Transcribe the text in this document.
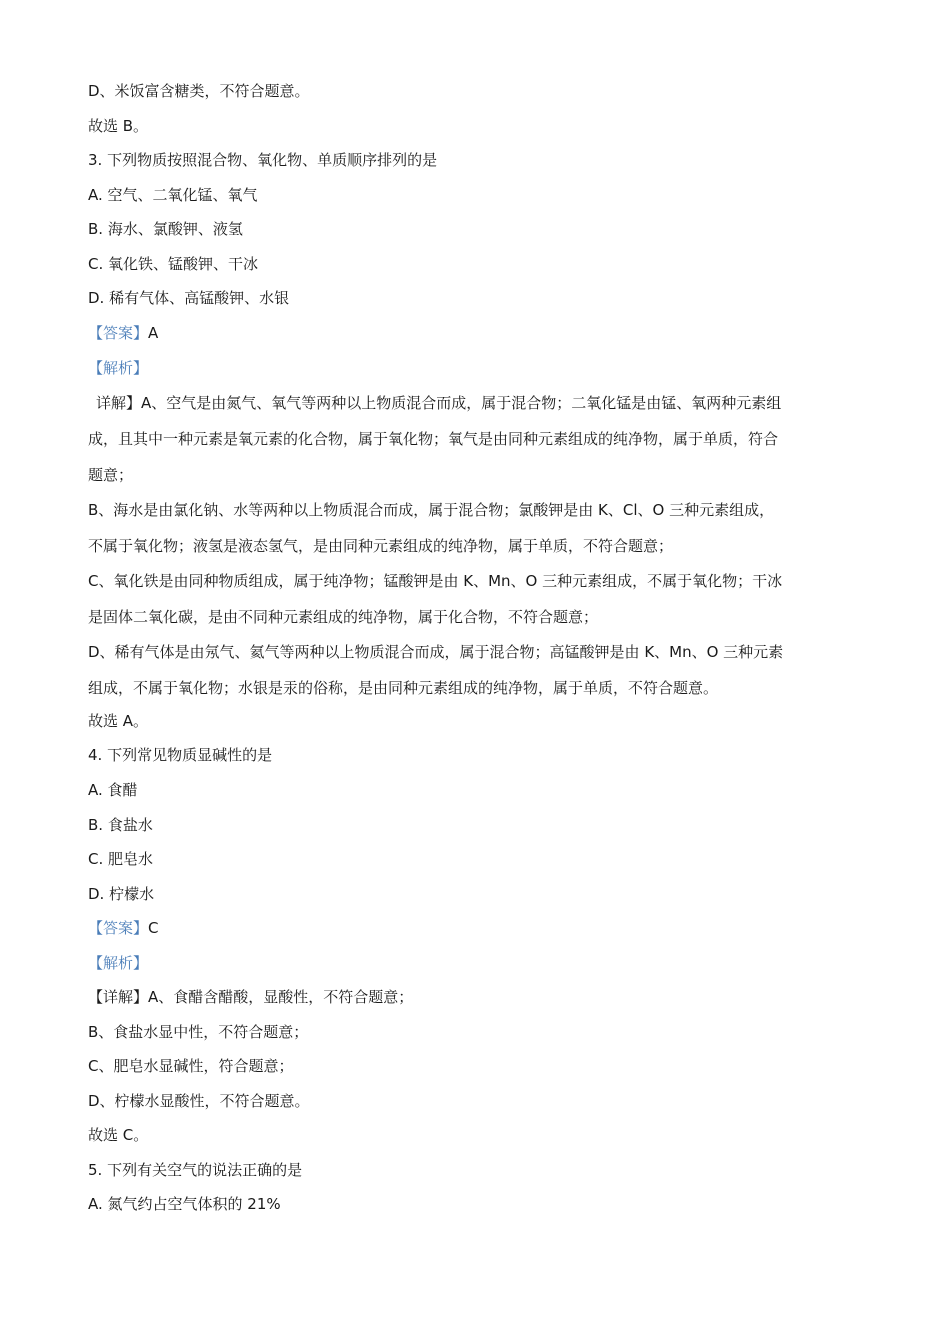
D、米饭富含糖类，不符合题意。
故选 B。
3. 下列物质按照混合物、氧化物、单质顺序排列的是
A. 空气、二氧化锰、氧气
B. 海水、氯酸钾、液氢
C. 氧化铁、锰酸钾、干冰
D. 稀有气体、高锰酸钾、水银
【答案】A
【解析】
详解】A、空气是由氮气、氧气等两种以上物质混合而成，属于混合物；二氧化锰是由锰、氧两种元素组
成，且其中一种元素是氧元素的化合物，属于氧化物；氧气是由同种元素组成的纯净物，属于单质，符合
题意；
B、海水是由氯化钠、水等两种以上物质混合而成，属于混合物；氯酸钾是由 K、Cl、O 三种元素组成，
不属于氧化物；液氢是液态氢气，是由同种元素组成的纯净物，属于单质，不符合题意；
C、氧化铁是由同种物质组成，属于纯净物；锰酸钾是由 K、Mn、O 三种元素组成，不属于氧化物；干冰
是固体二氧化碳，是由不同种元素组成的纯净物，属于化合物，不符合题意；
D、稀有气体是由氖气、氦气等两种以上物质混合而成，属于混合物；高锰酸钾是由 K、Mn、O 三种元素
组成，不属于氧化物；水银是汞的俗称，是由同种元素组成的纯净物，属于单质，不符合题意。
故选 A。
4. 下列常见物质显碱性的是
A. 食醋
B. 食盐水
C. 肥皂水
D. 柠檬水
【答案】C
【解析】
【详解】A、食醋含醋酸，显酸性，不符合题意；
B、食盐水显中性，不符合题意；
C、肥皂水显碱性，符合题意；
D、柠檬水显酸性，不符合题意。
故选 C。
5. 下列有关空气的说法正确的是
A. 氮气约占空气体积的 21%
